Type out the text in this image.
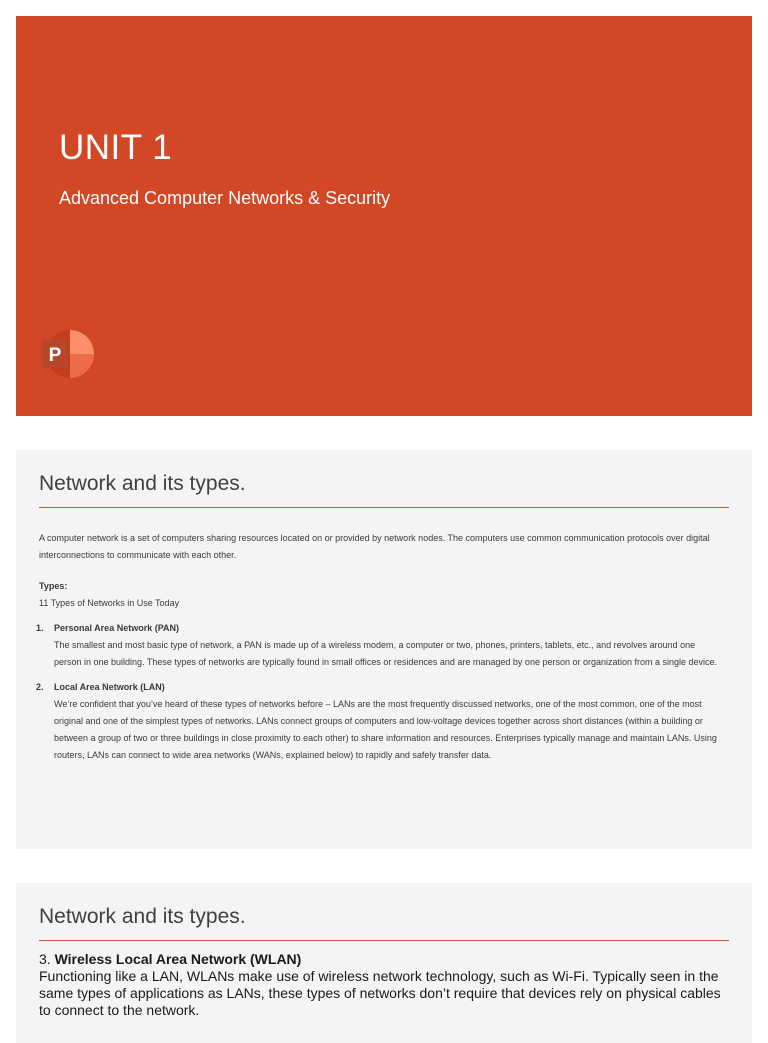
UNIT 1

Advanced Computer Networks & Security

P
Network and its types.

A computer network is a set of computers sharing resources located on or provided by network nodes. The computers use common communication protocols over digital interconnections to communicate with each other.

Types:

11 Types of Networks in Use Today

1. Personal Area Network (PAN)
The smallest and most basic type of network, a PAN is made up of a wireless modem, a computer or two, phones, printers, tablets, etc., and revolves around one person in one building. These types of networks are typically found in small offices or residences and are managed by one person or organization from a single device.
2. Local Area Network (LAN)
We’re confident that you’ve heard of these types of networks before – LANs are the most frequently discussed networks, one of the most common, one of the most original and one of the simplest types of networks. LANs connect groups of computers and low-voltage devices together across short distances (within a building or between a group of two or three buildings in close proximity to each other) to share information and resources. Enterprises typically manage and maintain LANs. Using routers, LANs can connect to wide area networks (WANs, explained below) to rapidly and safely transfer data.
Network and its types.

3. Wireless Local Area Network (WLAN)

Functioning like a LAN, WLANs make use of wireless network technology, such as Wi-Fi. Typically seen in the same types of applications as LANs, these types of networks don’t require that devices rely on physical cables to connect to the network.
